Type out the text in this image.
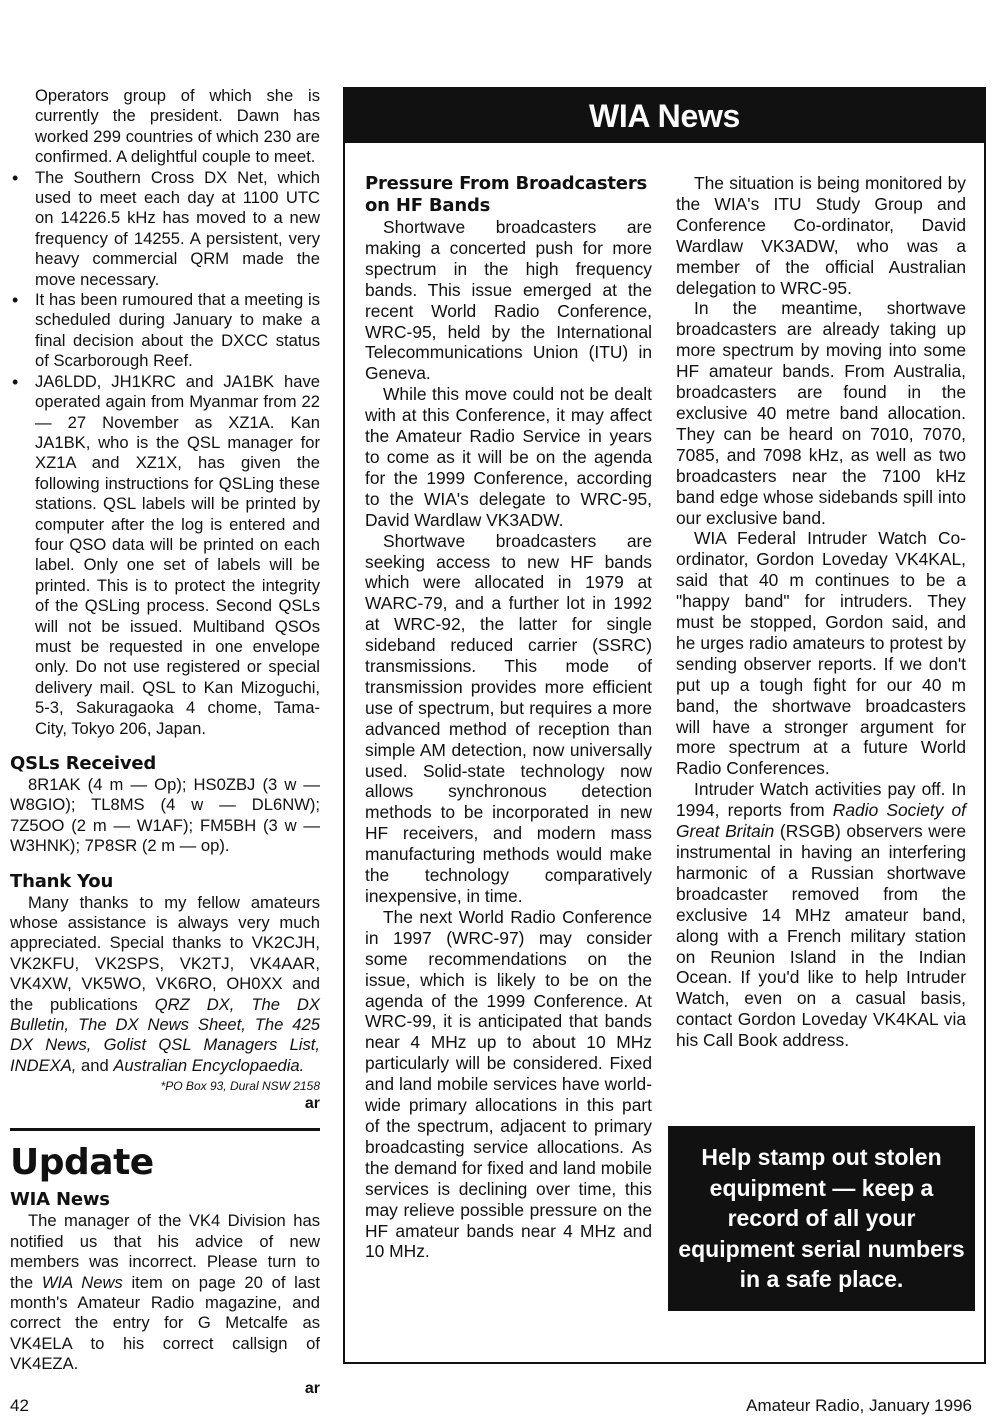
Operators group of which she is currently the president. Dawn has worked 299 countries of which 230 are confirmed. A delightful couple to meet.

• The Southern Cross DX Net, which used to meet each day at 1100 UTC on 14226.5 kHz has moved to a new frequency of 14255. A persistent, very heavy commercial QRM made the move necessary.
• It has been rumoured that a meeting is scheduled during January to make a final decision about the DXCC status of Scarborough Reef.
• JA6LDD, JH1KRC and JA1BK have operated again from Myanmar from 22 — 27 November as XZ1A. Kan JA1BK, who is the QSL manager for XZ1A and XZ1X, has given the following instructions for QSLing these stations. QSL labels will be printed by computer after the log is entered and four QSO data will be printed on each label. Only one set of labels will be printed. This is to protect the integrity of the QSLing process. Second QSLs will not be issued. Multiband QSOs must be requested in one envelope only. Do not use registered or special delivery mail. QSL to Kan Mizoguchi, 5-3, Sakuragaoka 4 chome, Tama-City, Tokyo 206, Japan.
QSLs Received

8R1AK (4 m — Op); HS0ZBJ (3 w — W8GIO); TL8MS (4 w — DL6NW); 7Z5OO (2 m — W1AF); FM5BH (3 w — W3HNK); 7P8SR (2 m — op).

Thank You

Many thanks to my fellow amateurs whose assistance is always very much appreciated. Special thanks to VK2CJH, VK2KFU, VK2SPS, VK2TJ, VK4AAR, VK4XW, VK5WO, VK6RO, OH0XX and the publications QRZ DX, The DX Bulletin, The DX News Sheet, The 425 DX News, Golist QSL Managers List, INDEXA, and Australian Encyclopaedia.

*PO Box 93, Dural NSW 2158
ar
Update
WIA News

The manager of the VK4 Division has notified us that his advice of new members was incorrect. Please turn to the WIA News item on page 20 of last month's Amateur Radio magazine, and correct the entry for G Metcalfe as VK4ELA to his correct callsign of VK4EZA.

ar
WIA News
Pressure From Broadcasters on HF Bands

Shortwave broadcasters are making a concerted push for more spectrum in the high frequency bands. This issue emerged at the recent World Radio Conference, WRC-95, held by the International Telecommunications Union (ITU) in Geneva.

While this move could not be dealt with at this Conference, it may affect the Amateur Radio Service in years to come as it will be on the agenda for the 1999 Conference, according to the WIA's delegate to WRC-95, David Wardlaw VK3ADW.

Shortwave broadcasters are seeking access to new HF bands which were allocated in 1979 at WARC-79, and a further lot in 1992 at WRC-92, the latter for single sideband reduced carrier (SSRC) transmissions. This mode of transmission provides more efficient use of spectrum, but requires a more advanced method of reception than simple AM detection, now universally used. Solid-state technology now allows synchronous detection methods to be incorporated in new HF receivers, and modern mass manufacturing methods would make the technology comparatively inexpensive, in time.

The next World Radio Conference in 1997 (WRC-97) may consider some recommendations on the issue, which is likely to be on the agenda of the 1999 Conference. At WRC-99, it is anticipated that bands near 4 MHz up to about 10 MHz particularly will be considered. Fixed and land mobile services have world-wide primary allocations in this part of the spectrum, adjacent to primary broadcasting service allocations. As the demand for fixed and land mobile services is declining over time, this may relieve possible pressure on the HF amateur bands near 4 MHz and 10 MHz.

The situation is being monitored by the WIA's ITU Study Group and Conference Co-ordinator, David Wardlaw VK3ADW, who was a member of the official Australian delegation to WRC-95.

In the meantime, shortwave broadcasters are already taking up more spectrum by moving into some HF amateur bands. From Australia, broadcasters are found in the exclusive 40 metre band allocation. They can be heard on 7010, 7070, 7085, and 7098 kHz, as well as two broadcasters near the 7100 kHz band edge whose sidebands spill into our exclusive band.

WIA Federal Intruder Watch Co-ordinator, Gordon Loveday VK4KAL, said that 40 m continues to be a "happy band" for intruders. They must be stopped, Gordon said, and he urges radio amateurs to protest by sending observer reports. If we don't put up a tough fight for our 40 m band, the shortwave broadcasters will have a stronger argument for more spectrum at a future World Radio Conferences.

Intruder Watch activities pay off. In 1994, reports from Radio Society of Great Britain (RSGB) observers were instrumental in having an interfering harmonic of a Russian shortwave broadcaster removed from the exclusive 14 MHz amateur band, along with a French military station on Reunion Island in the Indian Ocean. If you'd like to help Intruder Watch, even on a casual basis, contact Gordon Loveday VK4KAL via his Call Book address.

Help stamp out stolen
equipment — keep a
record of all your
equipment serial numbers
in a safe place.
42	Amateur Radio, January 1996
